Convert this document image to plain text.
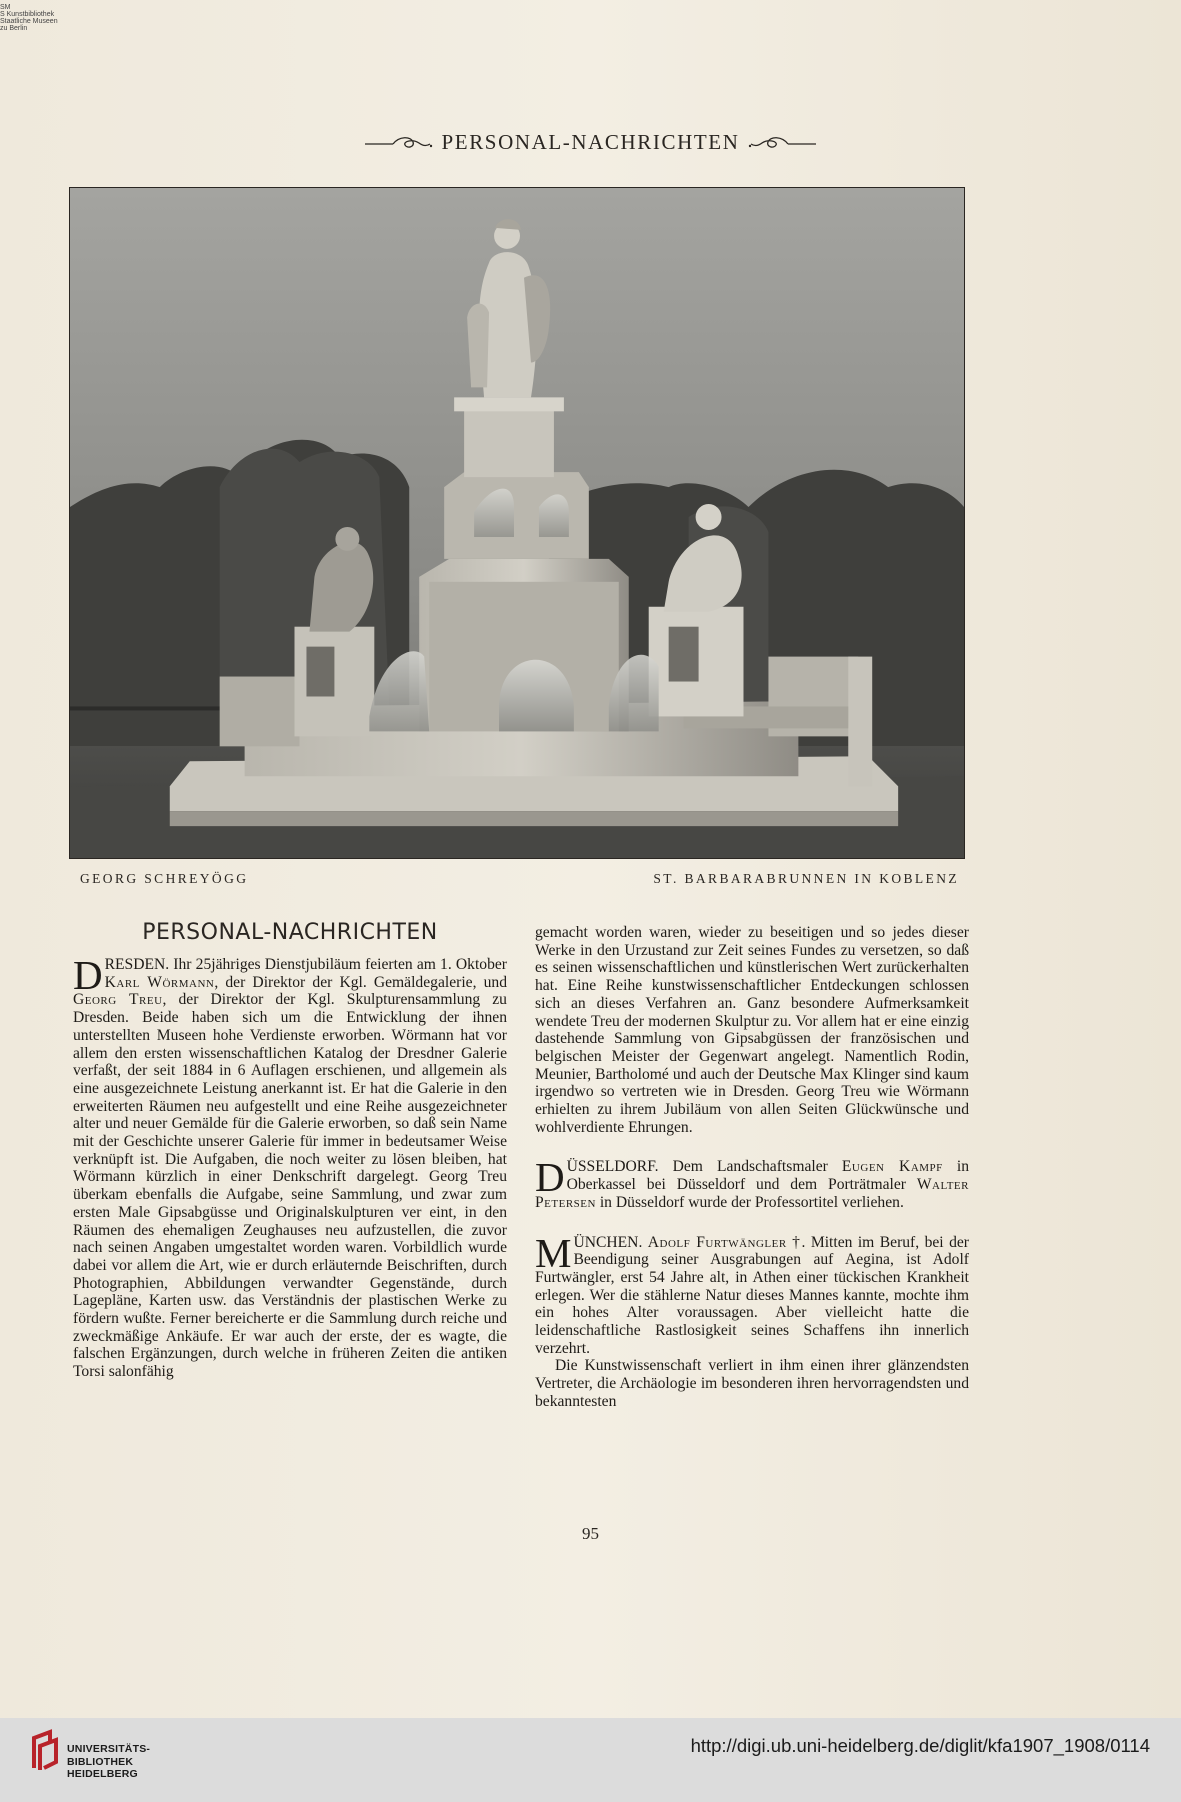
SM
S Kunstbibliothek
Staatliche Museen
zu Berlin
PERSONAL-NACHRICHTEN
GEORG SCHREYÖGG	ST. BARBARABRUNNEN IN KOBLENZ
PERSONAL-NACHRICHTEN

DRESDEN. Ihr 25jähriges Dienstjubiläum feierten am 1. Oktober Karl Wörmann, der Direktor der Kgl. Gemäldegalerie, und Georg Treu, der Direktor der Kgl. Skulpturensammlung zu Dresden. Beide haben sich um die Entwicklung der ihnen unterstellten Museen hohe Verdienste erworben. Wörmann hat vor allem den ersten wissenschaftlichen Katalog der Dresdner Galerie verfaßt, der seit 1884 in 6 Auflagen erschienen, und allgemein als eine ausgezeichnete Leistung anerkannt ist. Er hat die Galerie in den erweiterten Räumen neu aufgestellt und eine Reihe ausgezeichneter alter und neuer Gemälde für die Galerie erworben, so daß sein Name mit der Geschichte unserer Galerie für immer in bedeutsamer Weise verknüpft ist. Die Aufgaben, die noch weiter zu lösen bleiben, hat Wörmann kürzlich in einer Denkschrift dargelegt. Georg Treu überkam ebenfalls die Aufgabe, seine Sammlung, und zwar zum ersten Male Gipsabgüsse und Originalskulpturen ver eint, in den Räumen des ehemaligen Zeughauses neu aufzustellen, die zuvor nach seinen Angaben umgestaltet worden waren. Vorbildlich wurde dabei vor allem die Art, wie er durch erläuternde Beischriften, durch Photographien, Abbildungen verwandter Gegenstände, durch Lagepläne, Karten usw. das Verständnis der plastischen Werke zu fördern wußte. Ferner bereicherte er die Sammlung durch reiche und zweckmäßige Ankäufe. Er war auch der erste, der es wagte, die falschen Ergänzungen, durch welche in früheren Zeiten die antiken Torsi salonfähig

gemacht worden waren, wieder zu beseitigen und so jedes dieser Werke in den Urzustand zur Zeit seines Fundes zu versetzen, so daß es seinen wissenschaftlichen und künstlerischen Wert zurückerhalten hat. Eine Reihe kunstwissenschaftlicher Entdeckungen schlossen sich an dieses Verfahren an. Ganz besondere Aufmerksamkeit wendete Treu der modernen Skulptur zu. Vor allem hat er eine einzig dastehende Sammlung von Gipsabgüssen der französischen und belgischen Meister der Gegenwart angelegt. Namentlich Rodin, Meunier, Bartholomé und auch der Deutsche Max Klinger sind kaum irgendwo so vertreten wie in Dresden. Georg Treu wie Wörmann erhielten zu ihrem Jubiläum von allen Seiten Glückwünsche und wohlverdiente Ehrungen.

DÜSSELDORF. Dem Landschaftsmaler Eugen Kampf in Oberkassel bei Düsseldorf und dem Porträtmaler Walter Petersen in Düsseldorf wurde der Professortitel verliehen.

MÜNCHEN. Adolf Furtwängler †. Mitten im Beruf, bei der Beendigung seiner Ausgrabungen auf Aegina, ist Adolf Furtwängler, erst 54 Jahre alt, in Athen einer tückischen Krankheit erlegen. Wer die stählerne Natur dieses Mannes kannte, mochte ihm ein hohes Alter voraussagen. Aber vielleicht hatte die leidenschaftliche Rastlosigkeit seines Schaffens ihn innerlich verzehrt.

Die Kunstwissenschaft verliert in ihm einen ihrer glänzendsten Vertreter, die Archäologie im besonderen ihren hervorragendsten und bekanntesten

95
UNIVERSITÄTS-
BIBLIOTHEK
HEIDELBERG
http://digi.ub.uni-heidelberg.de/diglit/kfa1907_1908/0114
